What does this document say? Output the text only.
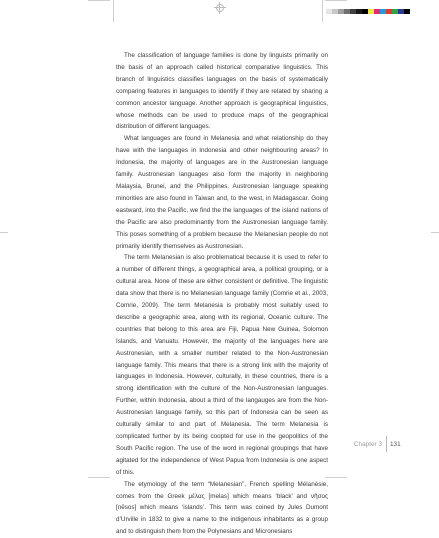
The classification of language families is done by linguists primarily on the basis of an approach called historical comparative linguistics. This branch of linguistics classifies languages on the basis of systematically comparing features in languages to identify if they are related by sharing a common ancestor language. Another approach is geographical linguistics, whose methods can be used to produce maps of the geographical distribution of different languages.

What languages are found in Melanesia and what relationship do they have with the languages in Indonesia and other neighbouring areas? In Indonesia, the majority of languages are in the Austronesian language family. Austronesian languages also form the majority in neighboring Malaysia, Brunei, and the Philippines. Austronesian language speaking minorities are also found in Taiwan and, to the west, in Madagascar. Going eastward, into the Pacific, we find the the languages of the island nations of the Pacific are also predominantly from the Austronesian language family. This poses something of a problem because the Melanesian people do not primarily identify themselves as Austronesian.

The term Melanesian is also problematical because it is used to refer to a number of different things, a geographical area, a political grouping, or a cultural area. None of these are either consistent or definitive. The linguistic data show that there is no Melanesian language family (Comrie et al., 2003, Comrie, 2009). The term Melanesia is probably most suitably used to describe a geographic area, along with its regional, Oceanic culture. The countries that belong to this area are Fiji, Papua New Guinea, Solomon Islands, and Vanuatu. However, the majority of the languages here are Austronesian, with a smaller number related to the Non-Austronesian language family. This means that there is a strong link with the majority of languages in Indonesia. However, culturally, in these countries, there is a strong identification with the culture of the Non-Austronesian languages. Further, within Indonesia, about a third of the langauges are from the Non-Austronesian language family, so this part of Indonesia can be seen as culturally similar to and part of Melanesia. The term Melanesia is complicated further by its being coopted for use in the geopolitics of the South Pacific region. The use of the word in regional groupings that have agitated for the independence of West Papua from Indonesia is one aspect of this.

The etymology of the term “Melanesian”, French spelling Mélanésie, comes from the Greek μέλας [melas] which means ‘black’ and νῆσος [nēsos] which means ‘islands’. This term was coined by Jules Dumont d’Urville in 1832 to give a name to the indigenous inhabitants as a group and to distinguish them from the Polynesians and Micronesians

Chapter 3 131
